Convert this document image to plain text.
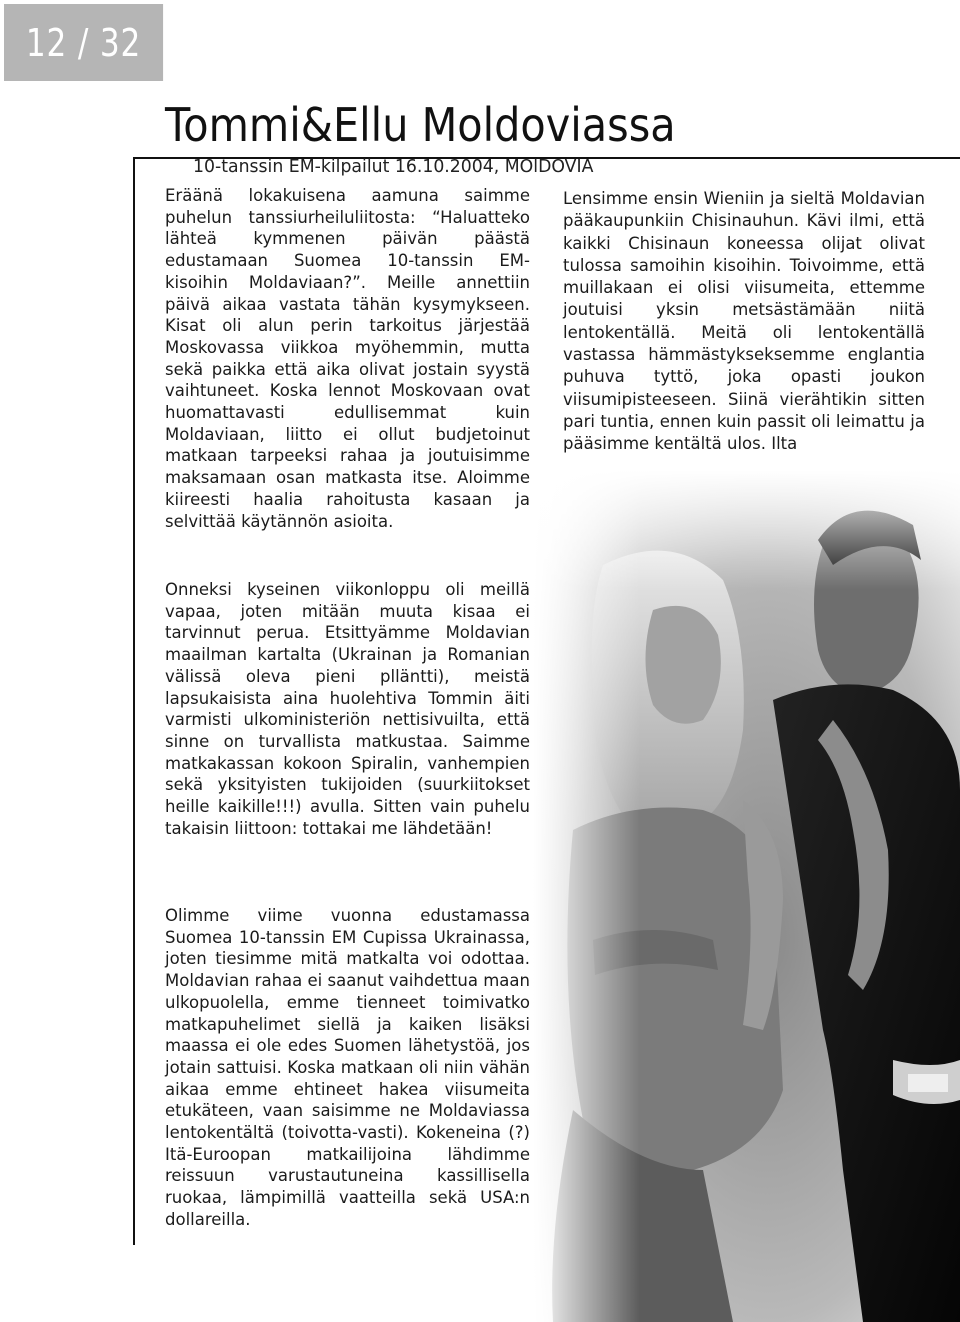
12 / 32
Tommi&Ellu Moldoviassa
10-tanssin EM-kilpailut 16.10.2004, MOlDOVIA

Eräänä lokakuisena aamuna saimme puhelun tanssiurheiluliitosta: “Haluatteko lähteä kymmenen päivän päästä edustamaan Suomea 10-tanssin EM-kisoihin Moldaviaan?”. Meille annettiin päivä aikaa vastata tähän kysymykseen. Kisat oli alun perin tarkoitus järjestää Moskovassa viikkoa myöhemmin, mutta sekä paikka että aika olivat jostain syystä vaihtuneet. Koska lennot Moskovaan ovat huomattavasti edullisemmat kuin Moldaviaan, liitto ei ollut budjetoinut matkaan tarpeeksi rahaa ja joutuisimme maksamaan osan matkasta itse. Aloimme kiireesti haalia rahoitusta kasaan ja selvittää käytännön asioita.

Onneksi kyseinen viikonloppu oli meillä vapaa, joten mitään muuta kisaa ei tarvinnut perua. Etsittyämme Moldavian maailman kartalta (Ukrainan ja Romanian välissä oleva pieni plläntti), meistä lapsukaisista aina huolehtiva Tommin äiti varmisti ulkoministeriön nettisivuilta, että sinne on turvallista matkustaa. Saimme matkakassan kokoon Spiralin, vanhempien sekä yksityisten tukijoiden (suurkiitokset heille kaikille!!!) avulla. Sitten vain puhelu takaisin liittoon: tottakai me lähdetään!

Olimme viime vuonna edustamassa Suomea 10-tanssin EM Cupissa Ukrainassa, joten tiesimme mitä matkalta voi odottaa. Moldavian rahaa ei saanut vaihdettua maan ulkopuolella, emme tienneet toimivatko matkapuhelimet siellä ja kaiken lisäksi maassa ei ole edes Suomen lähetystöä, jos jotain sattuisi. Koska matkaan oli niin vähän aikaa emme ehtineet hakea viisumeita etukäteen, vaan saisimme ne Moldaviassa lentokentältä (toivotta-vasti). Kokeneina (?) Itä-Euroopan matkailijoina lähdimme reissuun varustautuneina kassillisella ruokaa, lämpimillä vaatteilla sekä USA:n dollareilla.

Lensimme ensin Wieniin ja sieltä Moldavian pääkaupunkiin Chisinauhun. Kävi ilmi, että kaikki Chisinaun koneessa olijat olivat tulossa samoihin kisoihin. Toivoimme, että muillakaan ei olisi viisumeita, ettemme joutuisi yksin metsästämään niitä lentokentällä. Meitä oli lentokentällä vastassa hämmästykseksemme englantia puhuva tyttö, joka opasti joukon viisumipisteeseen. Siinä vierähtikin sitten pari tuntia, ennen kuin passit oli leimattu ja pääsimme kentältä ulos. Ilta
